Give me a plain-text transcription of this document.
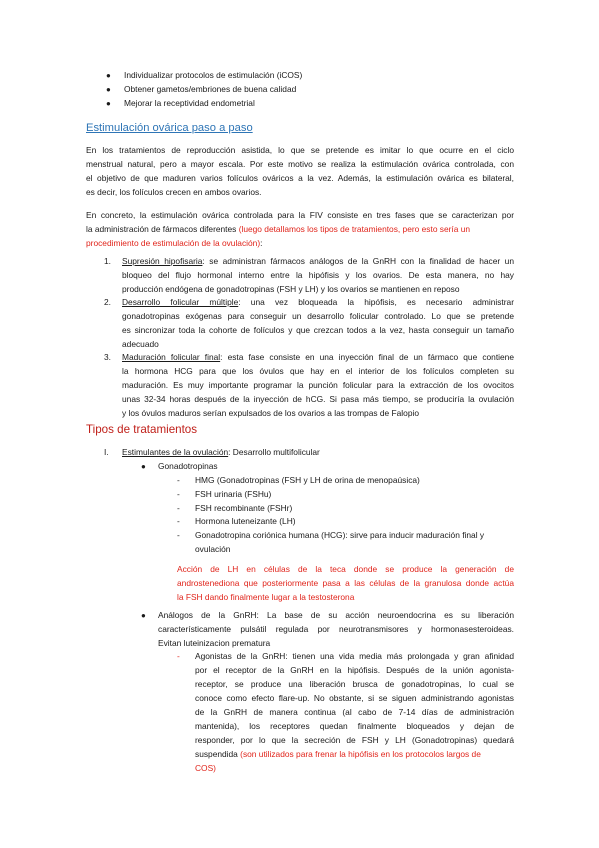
● Individualizar protocolos de estimulación (iCOS)
● Obtener gametos/embriones de buena calidad
● Mejorar la receptividad endometrial
Estimulación ovárica paso a paso
En los tratamientos de reproducción asistida, lo que se pretende es imitar lo que ocurre en el ciclo
menstrual natural, pero a mayor escala. Por este motivo se realiza la estimulación ovárica controlada, con
el objetivo de que maduren varios folículos ováricos a la vez. Además, la estimulación ovárica es bilateral,
es decir, los folículos crecen en ambos ovarios.
En concreto, la estimulación ovárica controlada para la FIV consiste en tres fases que se caracterizan por
la administración de fármacos diferentes (luego detallamos los tipos de tratamientos, pero esto sería un
procedimiento de estimulación de la ovulación):
1. Supresión hipofisaria: se administran fármacos análogos de la GnRH con la finalidad de hacer un
bloqueo del flujo hormonal interno entre la hipófisis y los ovarios. De esta manera, no hay
producción endógena de gonadotropinas (FSH y LH) y los ovarios se mantienen en reposo
2. Desarrollo folicular múltiple: una vez bloqueada la hipófisis, es necesario administrar
gonadotropinas exógenas para conseguir un desarrollo folicular controlado. Lo que se pretende
es sincronizar toda la cohorte de folículos y que crezcan todos a la vez, hasta conseguir un tamaño
adecuado
3. Maduración folicular final: esta fase consiste en una inyección final de un fármaco que contiene
la hormona HCG para que los óvulos que hay en el interior de los folículos completen su
maduración. Es muy importante programar la punción folicular para la extracción de los ovocitos
unas 32-34 horas después de la inyección de hCG. Si pasa más tiempo, se produciría la ovulación
y los óvulos maduros serían expulsados de los ovarios a las trompas de Falopio
Tipos de tratamientos
I. Estimulantes de la ovulación: Desarrollo multifolicular
● Gonadotropinas
- HMG (Gonadotropinas (FSH y LH de orina de menopaúsica)
- FSH urinaria (FSHu)
- FSH recombinante (FSHr)
- Hormona luteneizante (LH)
- Gonadotropina coriónica humana (HCG): sirve para inducir maduración final y
ovulación
Acción de LH en células de la teca donde se produce la generación de
androstenediona que posteriormente pasa a las células de la granulosa donde actúa
la FSH dando finalmente lugar a la testosterona
● Análogos de la GnRH: La base de su acción neuroendocrina es su liberación
característicamente pulsátil regulada por neurotransmisores y hormonasesteroideas.
Evitan luteinizacion prematura
- Agonistas de la GnRH: tienen una vida media más prolongada y gran afinidad
por el receptor de la GnRH en la hipófisis. Después de la unión agonista-
receptor, se produce una liberación brusca de gonadotropinas, lo cual se
conoce como efecto flare-up. No obstante, si se siguen administrando agonistas
de la GnRH de manera continua (al cabo de 7-14 días de administración
mantenida), los receptores quedan finalmente bloqueados y dejan de
responder, por lo que la secreción de FSH y LH (Gonadotropinas) quedará
suspendida (son utilizados para frenar la hipófisis en los protocolos largos de
COS)
